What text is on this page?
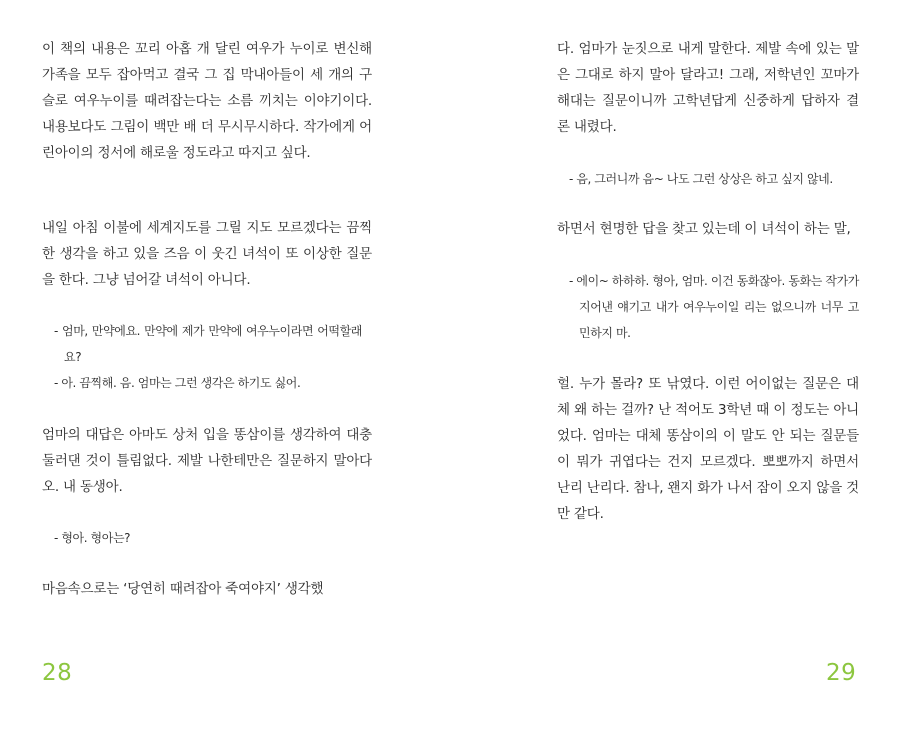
이 책의 내용은 꼬리 아홉 개 달린 여우가 누이로 변신해 가족을 모두 잡아먹고 결국 그 집 막내아들이 세 개의 구슬로 여우누이를 때려잡는다는 소름 끼치는 이야기이다. 내용보다도 그림이 백만 배 더 무시무시하다. 작가에게 어린아이의 정서에 해로울 정도라고 따지고 싶다.

내일 아침 이불에 세계지도를 그릴 지도 모르겠다는 끔찍한 생각을 하고 있을 즈음 이 웃긴 녀석이 또 이상한 질문을 한다. 그냥 넘어갈 녀석이 아니다.

- 엄마, 만약에요. 만약에 제가 만약에 여우누이라면 어떡할래요?

- 아. 끔찍해. 음. 엄마는 그런 생각은 하기도 싫어.

엄마의 대답은 아마도 상처 입을 똥삼이를 생각하여 대충 둘러댄 것이 틀림없다. 제발 나한테만은 질문하지 말아다오. 내 동생아.

- 형아. 형아는?

마음속으로는 ‘당연히 때려잡아 죽여야지’ 생각했

28

다. 엄마가 눈짓으로 내게 말한다. 제발 속에 있는 말은 그대로 하지 말아 달라고! 그래, 저학년인 꼬마가 해대는 질문이니까 고학년답게 신중하게 답하자 결론 내렸다.

- 음, 그러니까 음~ 나도 그런 상상은 하고 싶지 않네.

하면서 현명한 답을 찾고 있는데 이 녀석이 하는 말,

- 에이~ 하하하. 형아, 엄마. 이건 동화잖아. 동화는 작가가 지어낸 얘기고 내가 여우누이일 리는 없으니까 너무 고민하지 마.

헐. 누가 몰라? 또 낚였다. 이런 어이없는 질문은 대체 왜 하는 걸까? 난 적어도 3학년 때 이 정도는 아니었다. 엄마는 대체 똥삼이의 이 말도 안 되는 질문들이 뭐가 귀엽다는 건지 모르겠다. 뽀뽀까지 하면서 난리 난리다. 참나, 왠지 화가 나서 잠이 오지 않을 것만 같다.

29
